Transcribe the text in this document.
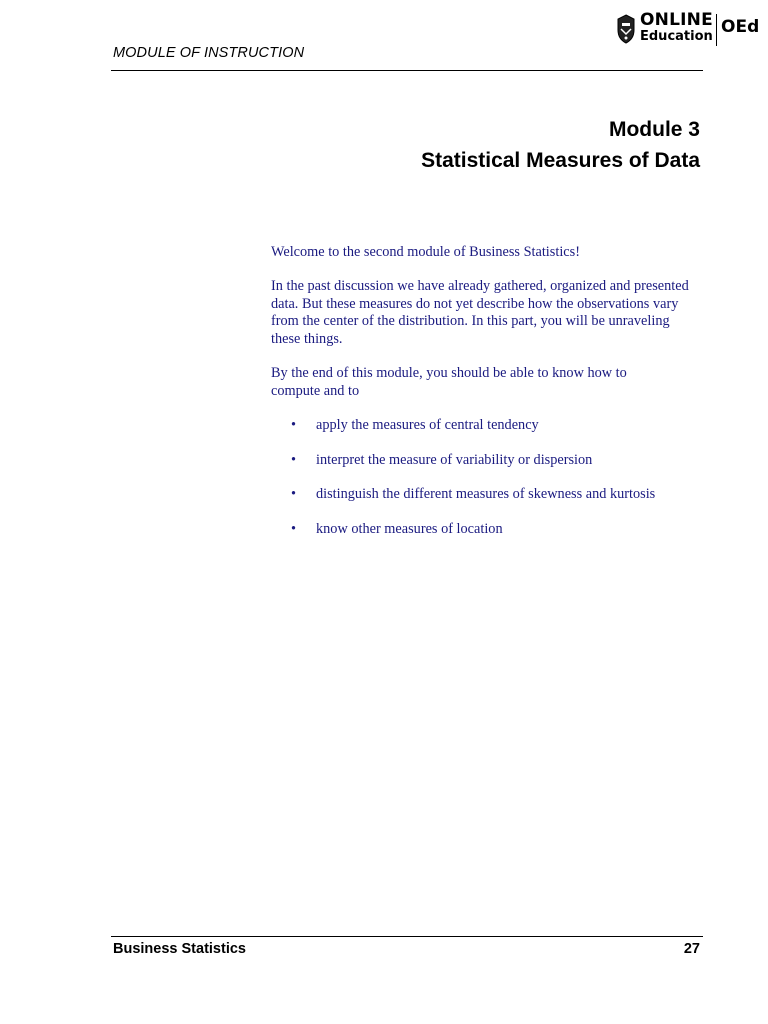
MODULE OF INSTRUCTION
ONLINE
Education OEd
Module 3
Statistical Measures of Data
Welcome to the second module of Business Statistics!
In the past discussion we have already gathered, organized and presented data. But these measures do not yet describe how the observations vary from the center of the distribution. In this part, you will be unraveling these things.
By the end of this module, you should be able to know how to compute and to
• apply the measures of central tendency
• interpret the measure of variability or dispersion
• distinguish the different measures of skewness and kurtosis
• know other measures of location
Business Statistics	27
